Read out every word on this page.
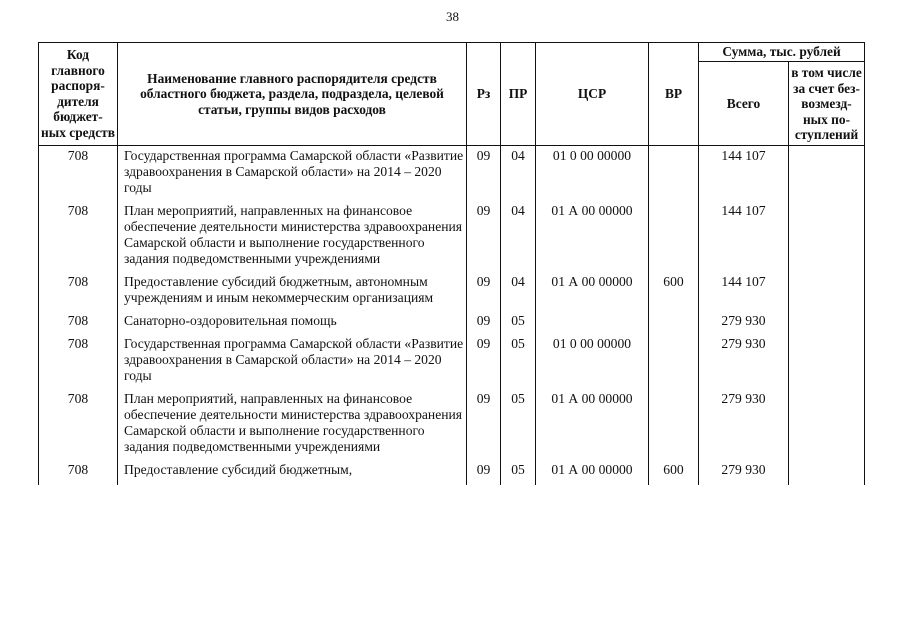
38
Код главного распоря-дителя бюджет-ных средств	Наименование главного распорядителя средств областного бюджета, раздела, подраздела, целевой статьи, группы видов расходов	Рз	ПР	ЦСР	ВР	Сумма, тыс. рублей	
						Всего	в том числе за счет без-возмезд-ных по-ступлений
708	Государственная программа Самарской области «Развитие здравоохранения в Самарской области» на 2014 – 2020 годы	09	04	01 0 00 00000		144 107	
708	План мероприятий, направленных на финансовое обеспечение деятельности министерства здравоохранения Самарской области и выполнение государственного задания подведомственными учреждениями	09	04	01 А 00 00000		144 107	
708	Предоставление субсидий бюджетным, автономным учреждениям и иным некоммерческим организациям	09	04	01 А 00 00000	600	144 107	
708	Санаторно-оздоровительная помощь	09	05			279 930	
708	Государственная программа Самарской области «Развитие здравоохранения в Самарской области» на 2014 – 2020 годы	09	05	01 0 00 00000		279 930	
708	План мероприятий, направленных на финансовое обеспечение деятельности министерства здравоохранения Самарской области и выполнение государственного задания подведомственными учреждениями	09	05	01 А 00 00000		279 930	
708	Предоставление субсидий бюджетным,	09	05	01 А 00 00000	600	279 930	
